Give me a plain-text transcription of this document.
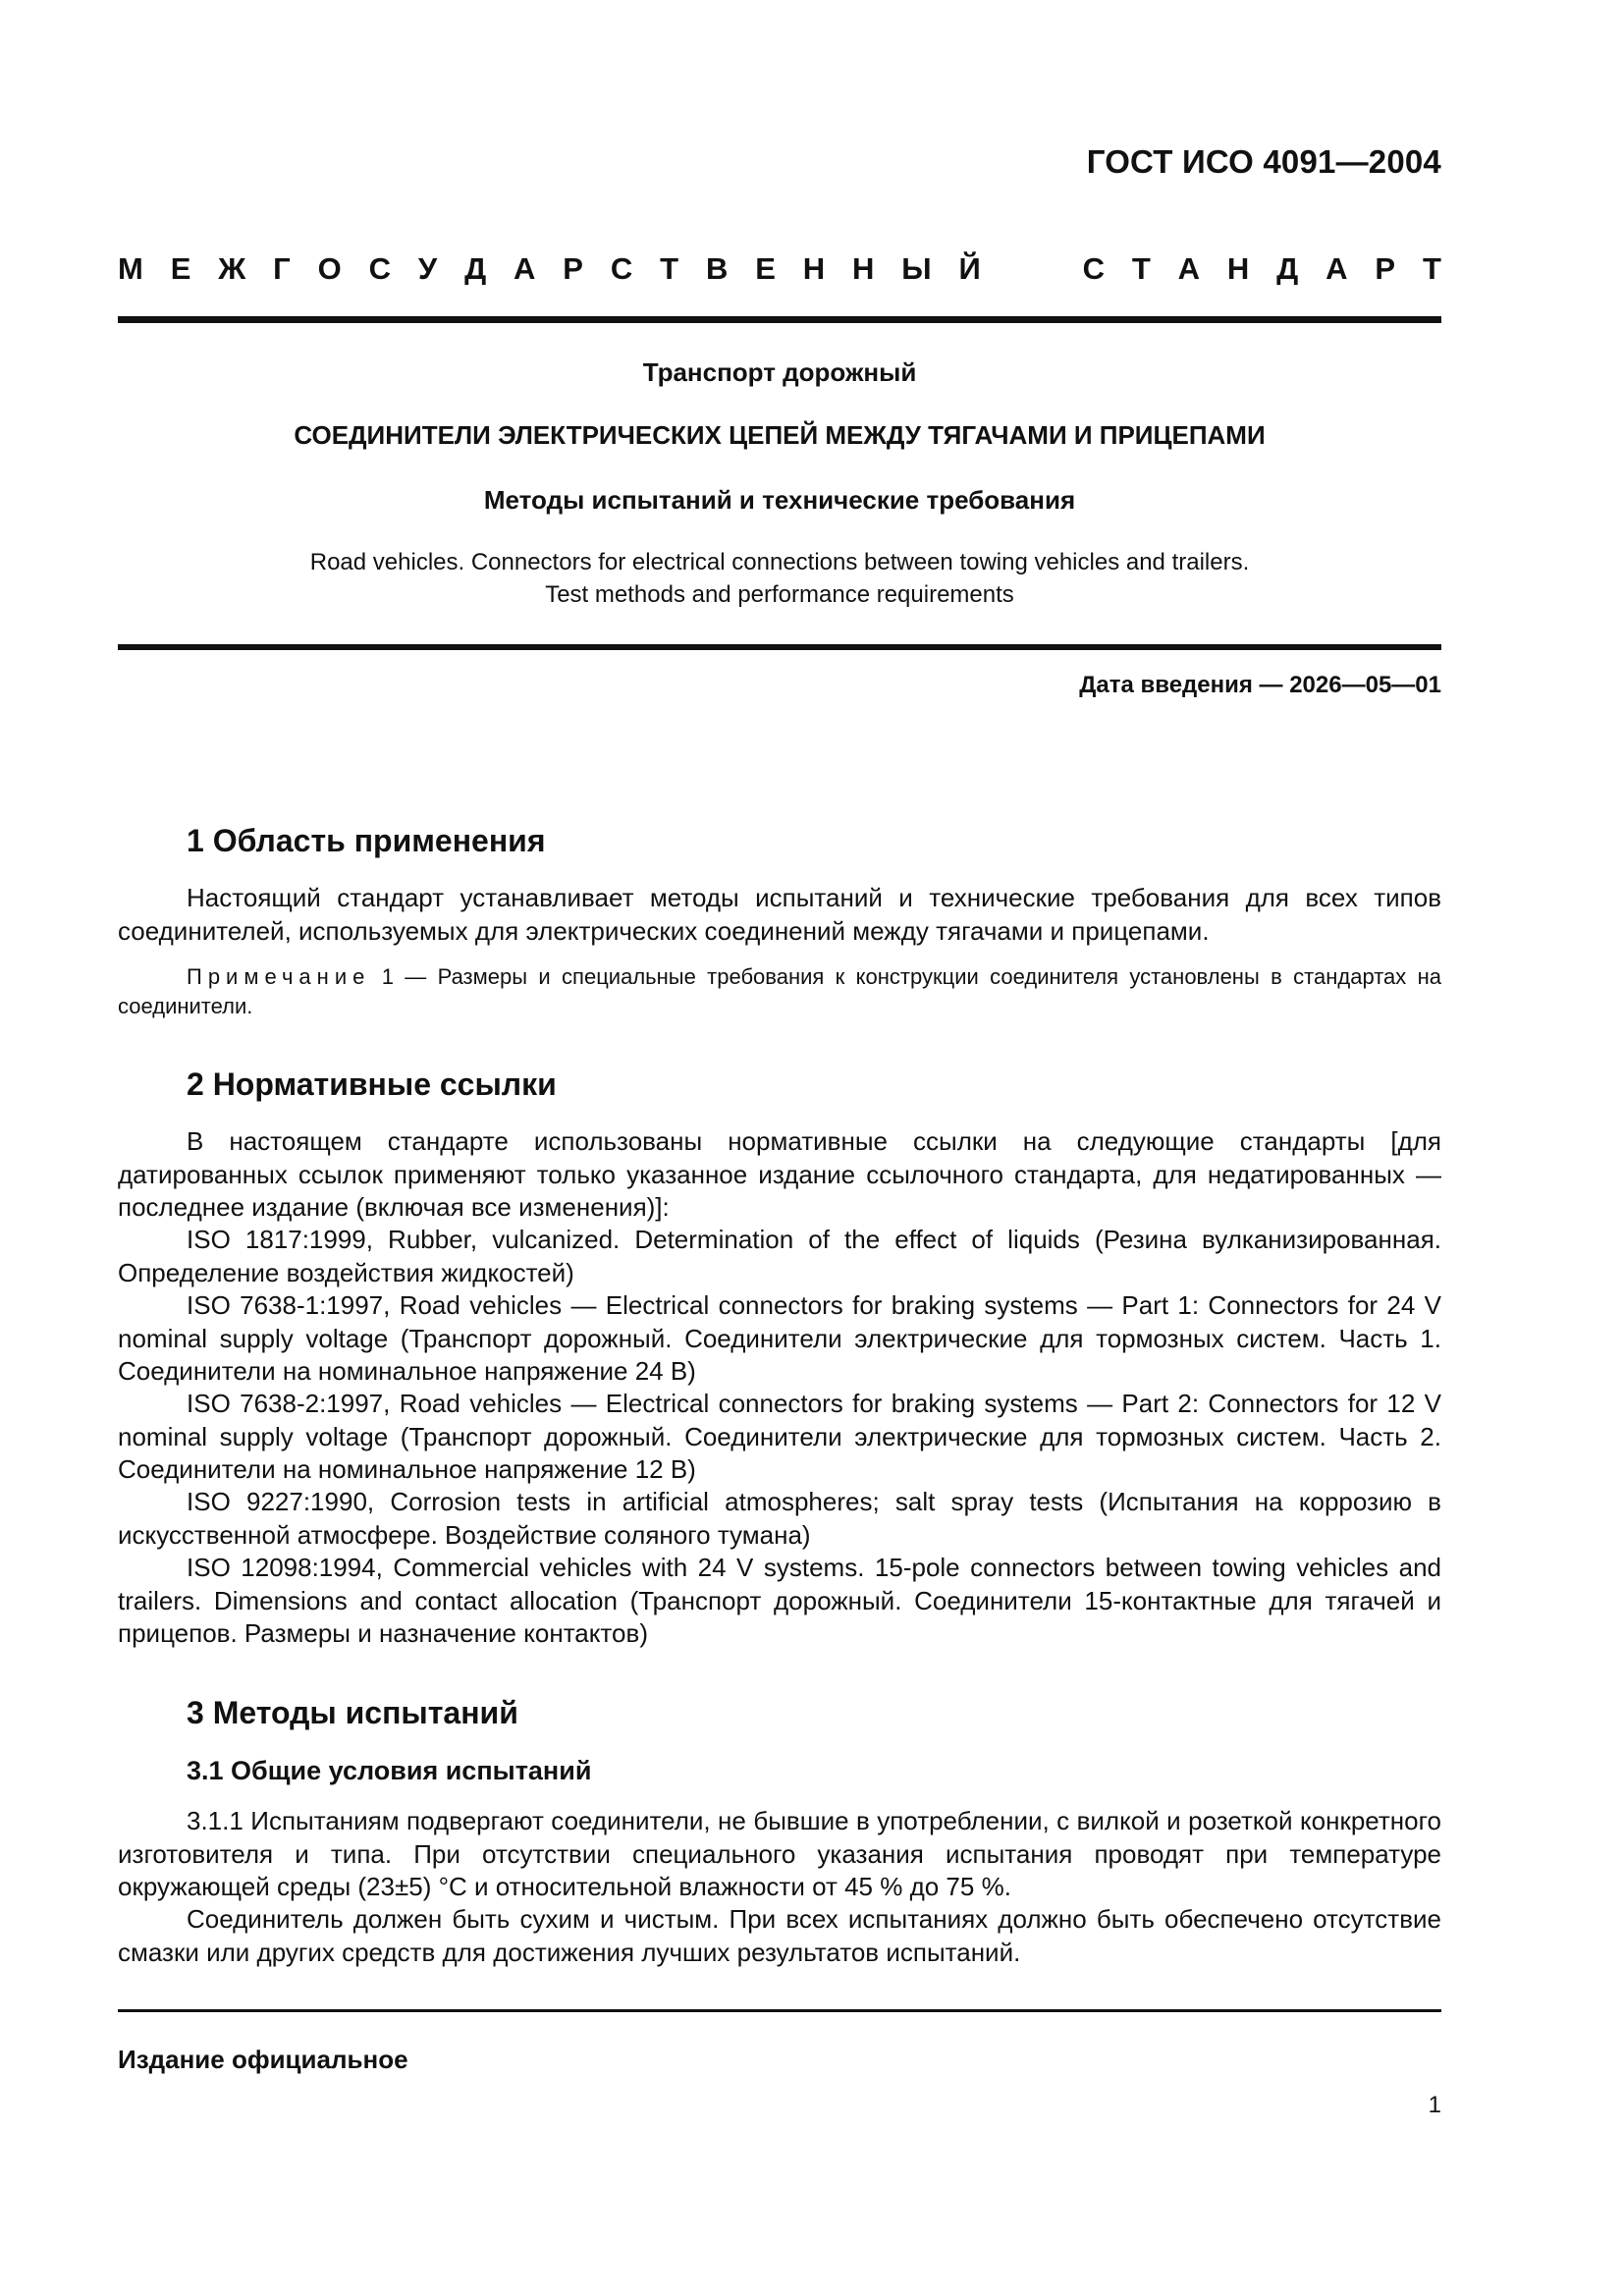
ГОСТ ИСО 4091—2004
М Е Ж Г О С У Д А Р С Т В Е Н Н Ы Й	С Т А Н Д А Р Т
Транспорт дорожный
СОЕДИНИТЕЛИ ЭЛЕКТРИЧЕСКИХ ЦЕПЕЙ МЕЖДУ ТЯГАЧАМИ И ПРИЦЕПАМИ
Методы испытаний и технические требования
Road vehicles. Connectors for electrical connections between towing vehicles and trailers.
Test methods and performance requirements
Дата введения — 2026—05—01
1 Область применения

Настоящий стандарт устанавливает методы испытаний и технические требования для всех типов соединителей, используемых для электрических соединений между тягачами и прицепами.

Примечание 1 — Размеры и специальные требования к конструкции соединителя установлены в стандартах на соединители.

2 Нормативные ссылки

В настоящем стандарте использованы нормативные ссылки на следующие стандарты [для датированных ссылок применяют только указанное издание ссылочного стандарта, для недатированных — последнее издание (включая все изменения)]:

ISO 1817:1999, Rubber, vulcanized. Determination of the effect of liquids (Резина вулканизированная. Определение воздействия жидкостей)

ISO 7638-1:1997, Road vehicles — Electrical connectors for braking systems — Part 1: Connectors for 24 V nominal supply voltage (Транспорт дорожный. Соединители электрические для тормозных систем. Часть 1. Соединители на номинальное напряжение 24 В)

ISO 7638-2:1997, Road vehicles — Electrical connectors for braking systems — Part 2: Connectors for 12 V nominal supply voltage (Транспорт дорожный. Соединители электрические для тормозных систем. Часть 2. Соединители на номинальное напряжение 12 В)

ISO 9227:1990, Corrosion tests in artificial atmospheres; salt spray tests (Испытания на коррозию в искусственной атмосфере. Воздействие соляного тумана)

ISO 12098:1994, Commercial vehicles with 24 V systems. 15-pole connectors between towing vehicles and trailers. Dimensions and contact allocation (Транспорт дорожный. Соединители 15-контактные для тягачей и прицепов. Размеры и назначение контактов)

3 Методы испытаний
3.1 Общие условия испытаний

3.1.1 Испытаниям подвергают соединители, не бывшие в употреблении, с вилкой и розеткой конкретного изготовителя и типа. При отсутствии специального указания испытания проводят при температуре окружающей среды (23±5) °С и относительной влажности от 45 % до 75 %.

Соединитель должен быть сухим и чистым. При всех испытаниях должно быть обеспечено отсутствие смазки или других средств для достижения лучших результатов испытаний.

Издание официальное
1
